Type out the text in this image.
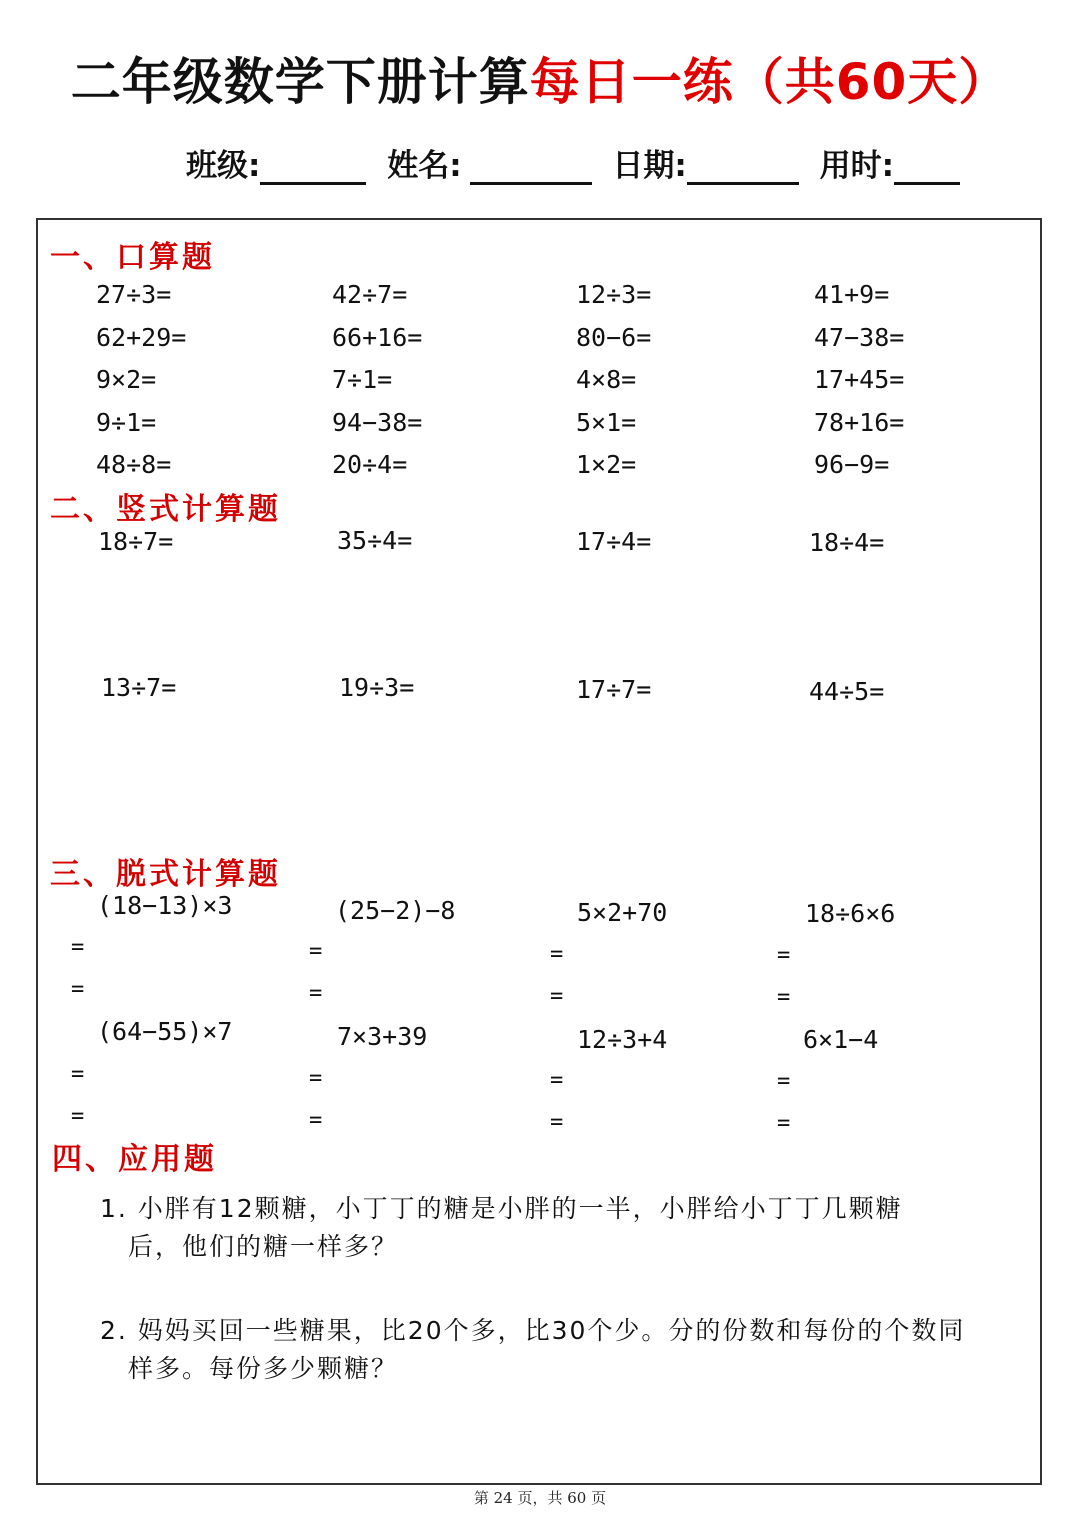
二年级数学下册计算每日一练（共60天）
班级:	姓名:	日期:	用时:
一、口算题
27÷3=	42÷7=	12÷3=	41+9=
62+29=	66+16=	80−6=	47−38=
9×2=	7÷1=	4×8=	17+45=
9÷1=	94−38=	5×1=	78+16=
48÷8=	20÷4=	1×2=	96−9=
二、竖式计算题
18÷7=	35÷4=	17÷4=	18÷4=
13÷7=	19÷3=	17÷7=	44÷5=
三、脱式计算题
(18−13)×3	(25−2)−8	5×2+70	18÷6×6
=	=	=	=
=	=	=	=
(64−55)×7	7×3+39	12÷3+4	6×1−4
=	=	=	=
=	=	=	=
四、应用题
1. 小胖有12颗糖，小丁丁的糖是小胖的一半，小胖给小丁丁几颗糖
后，他们的糖一样多？
2. 妈妈买回一些糖果，比20个多，比30个少。分的份数和每份的个数同
样多。每份多少颗糖？
第 24 页，共 60 页
